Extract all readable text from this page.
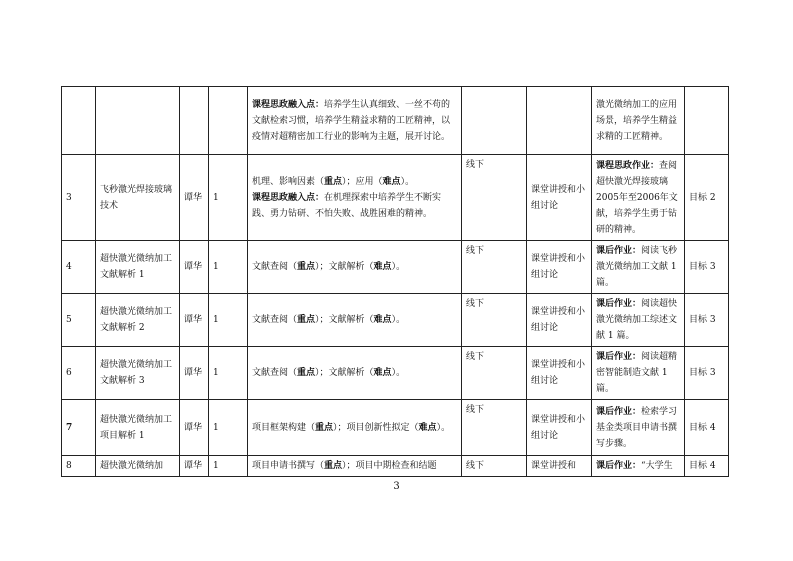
				课程思政融入点：培养学生认真细致、一丝不苟的文献检索习惯，培养学生精益求精的工匠精神，以疫情对超精密加工行业的影响为主题，展开讨论。			激光微纳加工的应用场景，培养学生精益求精的工匠精神。	
3	飞秒激光焊接玻璃技术	谭华	1	机理、影响因素（重点）；应用（难点）。
课程思政融入点：在机理探索中培养学生不断实践、勇力钻研、不怕失败、战胜困难的精神。	线下	课堂讲授和小组讨论	课程思政作业：查阅超快激光焊接玻璃2005年至2006年文献，培养学生勇于钻研的精神。	目标 2
4	超快激光微纳加工文献解析 1	谭华	1	文献查阅（重点）；文献解析（难点）。	线下	课堂讲授和小组讨论	课后作业：阅读飞秒激光微纳加工文献 1 篇。	目标 3
5	超快激光微纳加工文献解析 2	谭华	1	文献查阅（重点）；文献解析（难点）。	线下	课堂讲授和小组讨论	课后作业：阅读超快激光微纳加工综述文献 1 篇。	目标 3
6	超快激光微纳加工文献解析 3	谭华	1	文献查阅（重点）；文献解析（难点）。	线下	课堂讲授和小组讨论	课后作业：阅读超精密智能制造文献 1 篇。	目标 3
7	超快激光微纳加工项目解析 1	谭华	1	项目框架构建（重点）；项目创新性拟定（难点）。	线下	课堂讲授和小组讨论	课后作业：检索学习基金类项目申请书撰写步骤。	目标 4
8	超快激光微纳加	谭华	1	项目申请书撰写（重点）；项目中期检查和结题	线下	课堂讲授和	课后作业：“大学生	目标 4
3
